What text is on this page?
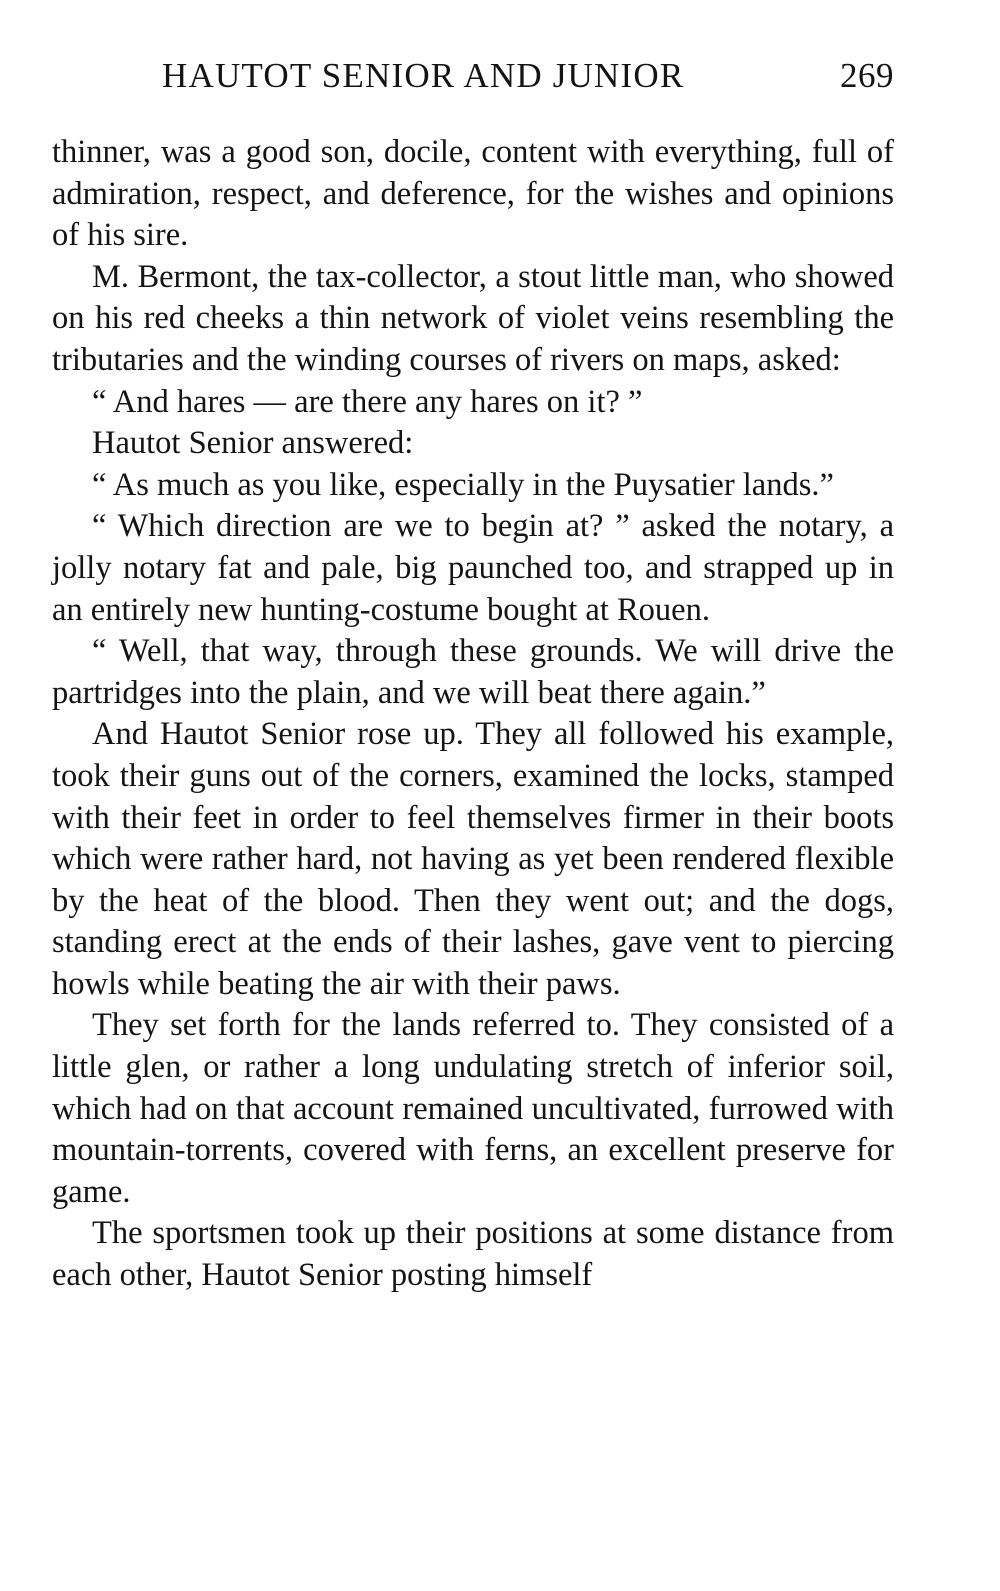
HAUTOT SENIOR AND JUNIOR	269

thinner, was a good son, docile, content with everything, full of admiration, respect, and deference, for the wishes and opinions of his sire.

M. Bermont, the tax-collector, a stout little man, who showed on his red cheeks a thin network of violet veins resembling the tributaries and the winding courses of rivers on maps, asked:

“ And hares — are there any hares on it? ”

Hautot Senior answered:

“ As much as you like, especially in the Puysatier lands.”

“ Which direction are we to begin at? ” asked the notary, a jolly notary fat and pale, big paunched too, and strapped up in an entirely new hunting-costume bought at Rouen.

“ Well, that way, through these grounds. We will drive the partridges into the plain, and we will beat there again.”

And Hautot Senior rose up. They all followed his example, took their guns out of the corners, examined the locks, stamped with their feet in order to feel themselves firmer in their boots which were rather hard, not having as yet been rendered flexible by the heat of the blood. Then they went out; and the dogs, standing erect at the ends of their lashes, gave vent to piercing howls while beating the air with their paws.

They set forth for the lands referred to. They consisted of a little glen, or rather a long undulating stretch of inferior soil, which had on that account remained uncultivated, furrowed with mountain-torrents, covered with ferns, an excellent preserve for game.

The sportsmen took up their positions at some distance from each other, Hautot Senior posting himself
